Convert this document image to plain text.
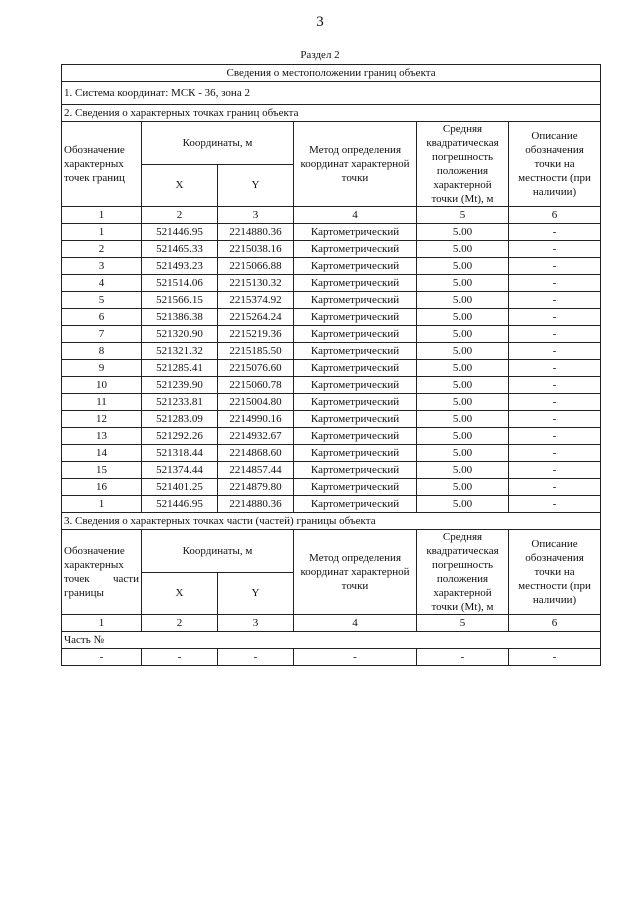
3
Раздел 2
Сведения о местоположении границ объекта					
1. Система координат: МСК - 36, зона 2					
2. Сведения о характерных точках границ объекта					
Обозначение характерных точек границ	Координаты, м		Метод определения координат характерной точки	Средняя квадратическая погрешность положения характерной точки (Mt), м	Описание обозначения точки на местности (при наличии)
	X	Y			
1	2	3	4	5	6
1	521446.95	2214880.36	Картометрический	5.00	-
2	521465.33	2215038.16	Картометрический	5.00	-
3	521493.23	2215066.88	Картометрический	5.00	-
4	521514.06	2215130.32	Картометрический	5.00	-
5	521566.15	2215374.92	Картометрический	5.00	-
6	521386.38	2215264.24	Картометрический	5.00	-
7	521320.90	2215219.36	Картометрический	5.00	-
8	521321.32	2215185.50	Картометрический	5.00	-
9	521285.41	2215076.60	Картометрический	5.00	-
10	521239.90	2215060.78	Картометрический	5.00	-
11	521233.81	2215004.80	Картометрический	5.00	-
12	521283.09	2214990.16	Картометрический	5.00	-
13	521292.26	2214932.67	Картометрический	5.00	-
14	521318.44	2214868.60	Картометрический	5.00	-
15	521374.44	2214857.44	Картометрический	5.00	-
16	521401.25	2214879.80	Картометрический	5.00	-
1	521446.95	2214880.36	Картометрический	5.00	-
3. Сведения о характерных точках части (частей) границы объекта					
Обозначение характерных точек части границы	Координаты, м		Метод определения координат характерной точки	Средняя квадратическая погрешность положения характерной точки (Mt), м	Описание обозначения точки на местности (при наличии)
	X	Y			
1	2	3	4	5	6
Часть №					
-	-	-	-	-	-
